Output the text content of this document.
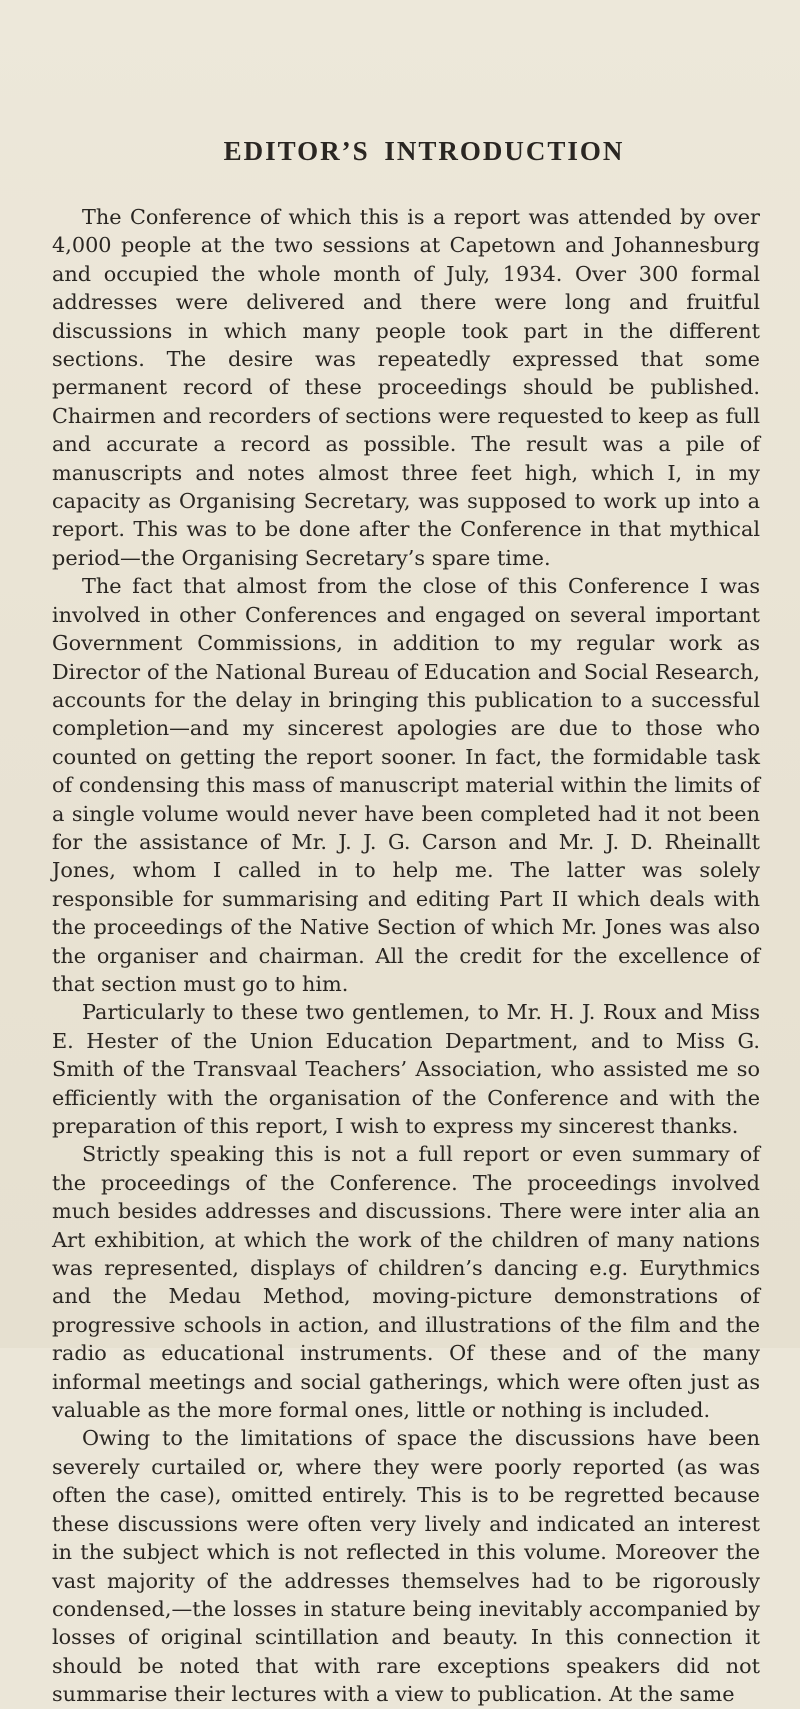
EDITOR’S INTRODUCTION

The Conference of which this is a report was attended by over 4,000 people at the two sessions at Capetown and Johannesburg and occupied the whole month of July, 1934. Over 300 formal addresses were delivered and there were long and fruitful discussions in which many people took part in the different sections. The desire was repeatedly expressed that some permanent record of these proceedings should be published. Chairmen and recorders of sections were requested to keep as full and accurate a record as possible. The result was a pile of manuscripts and notes almost three feet high, which I, in my capacity as Organising Secretary, was supposed to work up into a report. This was to be done after the Conference in that mythical period—the Organising Secretary’s spare time.

The fact that almost from the close of this Conference I was involved in other Conferences and engaged on several important Government Commissions, in addition to my regular work as Director of the National Bureau of Education and Social Research, accounts for the delay in bringing this publication to a successful completion—and my sincerest apologies are due to those who counted on getting the report sooner. In fact, the formidable task of condensing this mass of manuscript material within the limits of a single volume would never have been completed had it not been for the assistance of Mr. J. J. G. Carson and Mr. J. D. Rheinallt Jones, whom I called in to help me. The latter was solely responsible for summarising and editing Part II which deals with the proceedings of the Native Section of which Mr. Jones was also the organiser and chairman. All the credit for the excellence of that section must go to him.

Particularly to these two gentlemen, to Mr. H. J. Roux and Miss E. Hester of the Union Education Department, and to Miss G. Smith of the Transvaal Teachers’ Association, who assisted me so efficiently with the organisation of the Conference and with the preparation of this report, I wish to express my sincerest thanks.

Strictly speaking this is not a full report or even summary of the proceedings of the Conference. The proceedings involved much besides addresses and discussions. There were inter alia an Art exhibition, at which the work of the children of many nations was represented, displays of children’s dancing e.g. Eurythmics and the Medau Method, moving-picture demonstrations of progressive schools in action, and illustrations of the film and the radio as educational instruments. Of these and of the many informal meetings and social gatherings, which were often just as valuable as the more formal ones, little or nothing is included.

Owing to the limitations of space the discussions have been severely curtailed or, where they were poorly reported (as was often the case), omitted entirely. This is to be regretted because these discussions were often very lively and indicated an interest in the subject which is not reflected in this volume. Moreover the vast majority of the addresses themselves had to be rigorously condensed,—the losses in stature being inevitably accompanied by losses of original scintillation and beauty. In this connection it should be noted that with rare exceptions speakers did not summarise their lectures with a view to publication. At the same
